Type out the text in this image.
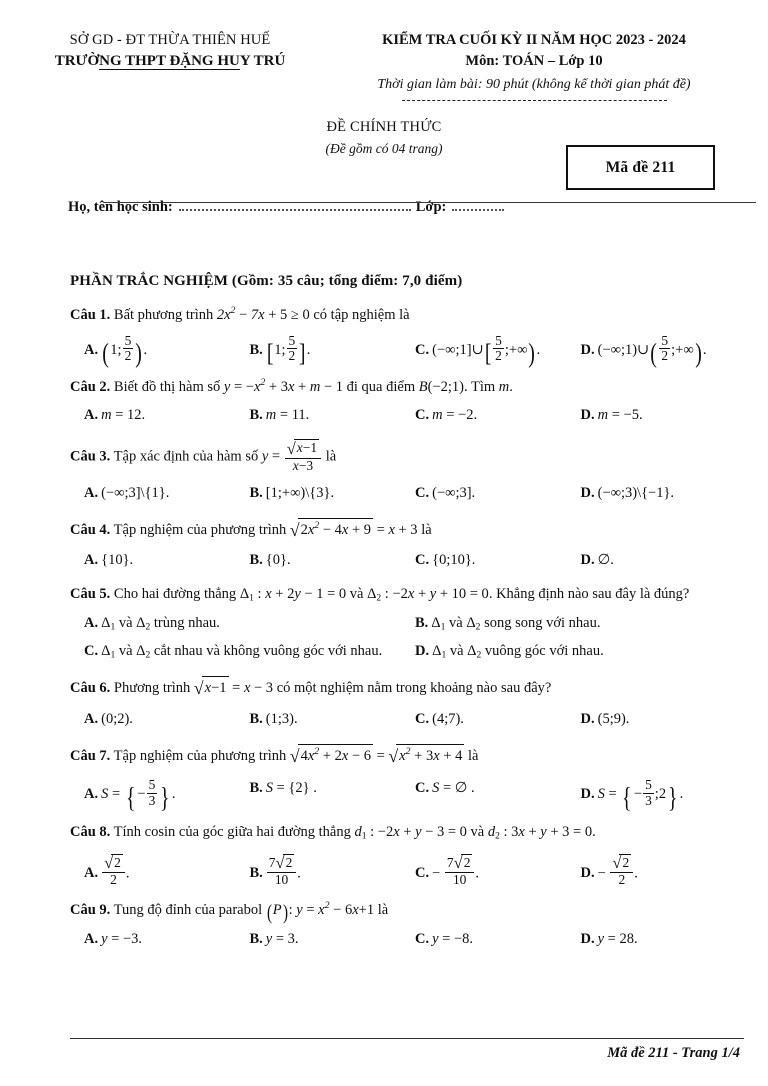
SỞ GD - ĐT THỪA THIÊN HUẾ
TRƯỜNG THPT ĐẶNG HUY TRÚ
KIỂM TRA CUỐI KỲ II NĂM HỌC 2023 - 2024
Môn: TOÁN – Lớp 10
Thời gian làm bài: 90 phút (không kể thời gian phát đề)
ĐỀ CHÍNH THỨC
(Đề gồm có 04 trang)
Họ, tên học sinh:	Lớp:
Mã đề 211
PHẦN TRẮC NGHIỆM (Gồm: 35 câu; tổng điểm: 7,0 điểm)
Câu 1. Bất phương trình $2x^2 - 7x + 5 \ge 0$ có tập nghiệm là
A. (1; $\frac{5}{2}$ ).	B. [1; $\frac{5}{2}$ ].	C. (−∞;1]∪[ $\frac{5}{2}$ ;+∞).	D. (−∞;1)∪( $\frac{5}{2}$ ;+∞).
Câu 2. Biết đồ thị hàm số $y = -x^2 + 3x + m - 1$ đi qua điểm B(−2;1). Tìm m.
A. m = 12.	B. m = 11.	C. m = −2.	D. m = −5.
Câu 3. Tập xác định của hàm số $y = \frac{√x-1}{x-3}$ là
A. (−∞;3]\{1}.	B. [1;+∞)\{3}.	C. (−∞;3].	D. (−∞;3)\{−1}.
Câu 4. Tập nghiệm của phương trình $√2x^2 - 4x + 9 = x + 3$ là
A. {10}.	B. {0}.	C. {0;10}.	D. ∅.
Câu 5. Cho hai đường thẳng $\Delta_1$ : x + 2y − 1 = 0 và $\Delta_2$ : −2x + y + 10 = 0. Khẳng định nào sau đây là đúng?
A. $\Delta_1$ và $\Delta_2$ trùng nhau.	B. $\Delta_1$ và $\Delta_2$ song song với nhau.
C. $\Delta_1$ và $\Delta_2$ cắt nhau và không vuông góc với nhau.	D. $\Delta_1$ và $\Delta_2$ vuông góc với nhau.
Câu 6. Phương trình √x−1 = x − 3 có một nghiệm nằm trong khoảng nào sau đây?
A. (0;2).	B. (1;3).	C. (4;7).	D. (5;9).
Câu 7. Tập nghiệm của phương trình $√4x^2 + 2x - 6 = √x^2 + 3x + 4$ là
A. S = { − $\frac{5}{3}$ } .	B. S = {2} .	C. S = ∅ .	D. S = { − $\frac{5}{3}$ ;2} .
Câu 8. Tính cosin của góc giữa hai đường thẳng $d_1$ : −2x + y − 3 = 0 và $d_2$ : 3x + y + 3 = 0.
A. $\frac{√2}{2}$ .	B. $\frac{7√2}{10}$ .	C. − $\frac{7√2}{10}$ .	D. − $\frac{√2}{2}$ .
Câu 9. Tung độ đỉnh của parabol (P): $y = x^2 - 6x+1$ là
A. y = −3.	B. y = 3.	C. y = −8.	D. y = 28.
Mã đề 211 - Trang 1/4
